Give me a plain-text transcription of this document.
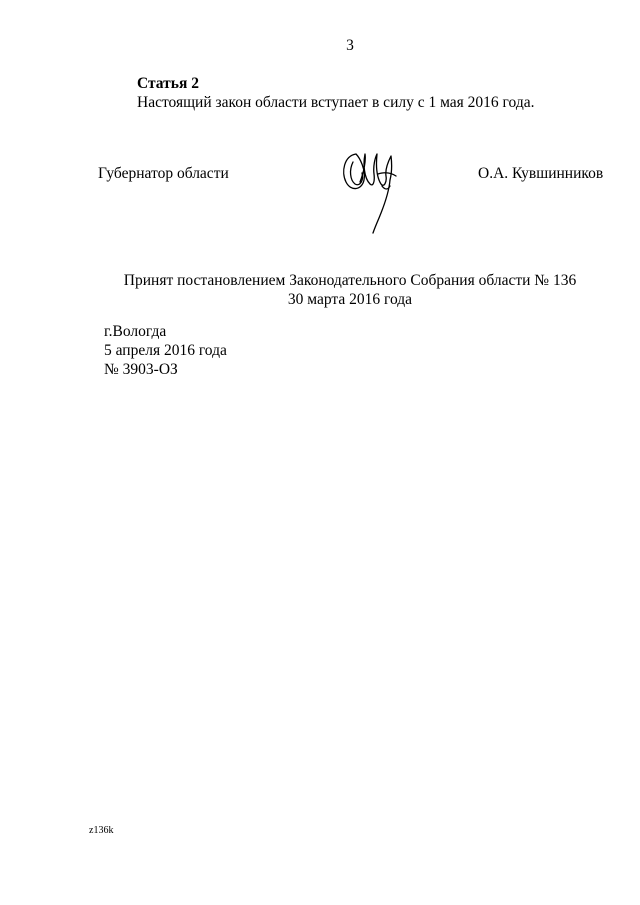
3
Статья 2
Настоящий закон области вступает в силу с 1 мая 2016 года.
Губернатор области	О.А. Кувшинников
Принят постановлением Законодательного Собрания области № 136
30 марта 2016 года
г.Вологда
5 апреля 2016 года
№ 3903-ОЗ
z136k
